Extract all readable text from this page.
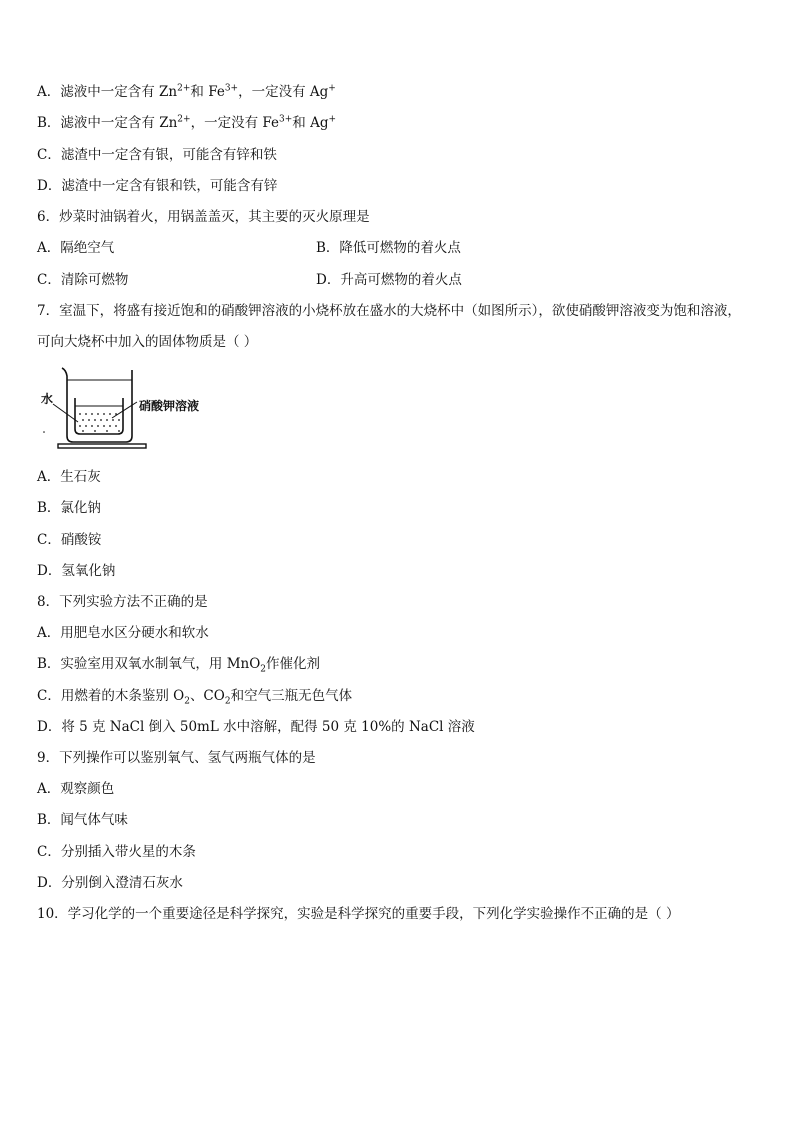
A．滤液中一定含有 $Zn^{2+}$和 $Fe^{3+}$，一定没有 Ag+
B．滤液中一定含有 $Zn^{2+}$，一定没有 $Fe^{3+}$和 Ag+
C．滤渣中一定含有银，可能含有锌和铁
D．滤渣中一定含有银和铁，可能含有锌
6．炒菜时油锅着火，用锅盖盖灭，其主要的灭火原理是
A．隔绝空气	B．降低可燃物的着火点
C．清除可燃物	D．升高可燃物的着火点
7．室温下，将盛有接近饱和的硝酸钾溶液的小烧杯放在盛水的大烧杯中（如图所示），欲使硝酸钾溶液变为饱和溶液，
可向大烧杯中加入的固体物质是（ ）
水	硝酸钾溶液
A．生石灰
B．氯化钠
C．硝酸铵
D．氢氧化钠
8．下列实验方法不正确的是
A．用肥皂水区分硬水和软水
B．实验室用双氧水制氧气，用 MnO$_2$作催化剂
C．用燃着的木条鉴别 $O_2$、$CO_2$和空气三瓶无色气体
D．将 5 克 NaCl 倒入 50mL 水中溶解，配得 50 克 10%的 NaCl 溶液
9．下列操作可以鉴别氧气、氢气两瓶气体的是
A．观察颜色
B．闻气体气味
C．分别插入带火星的木条
D．分别倒入澄清石灰水
10．学习化学的一个重要途径是科学探究，实验是科学探究的重要手段，下列化学实验操作不正确的是（ ）
